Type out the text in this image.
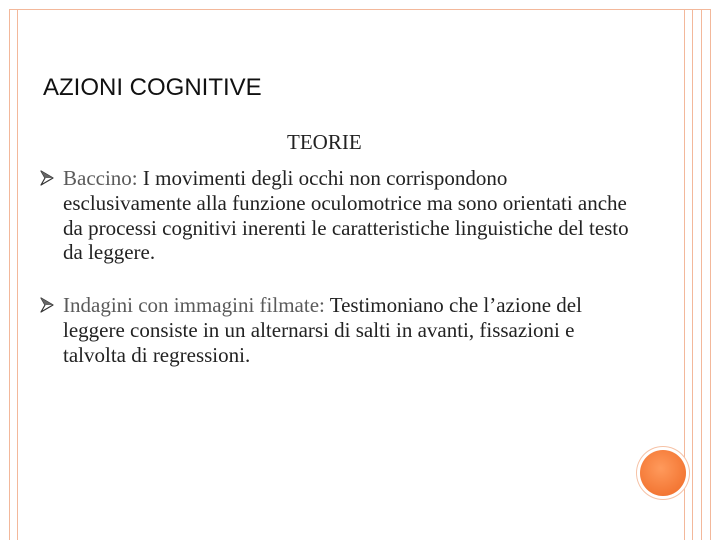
AZIONI COGNITIVE
TEORIE
Baccino: I movimenti degli occhi non corrispondono esclusivamente alla funzione oculomotrice ma sono orientati anche da processi cognitivi inerenti le caratteristiche linguistiche del testo da leggere.
Indagini con immagini filmate: Testimoniano che l’azione del leggere consiste in un alternarsi di salti in avanti, fissazioni e talvolta di regressioni.
